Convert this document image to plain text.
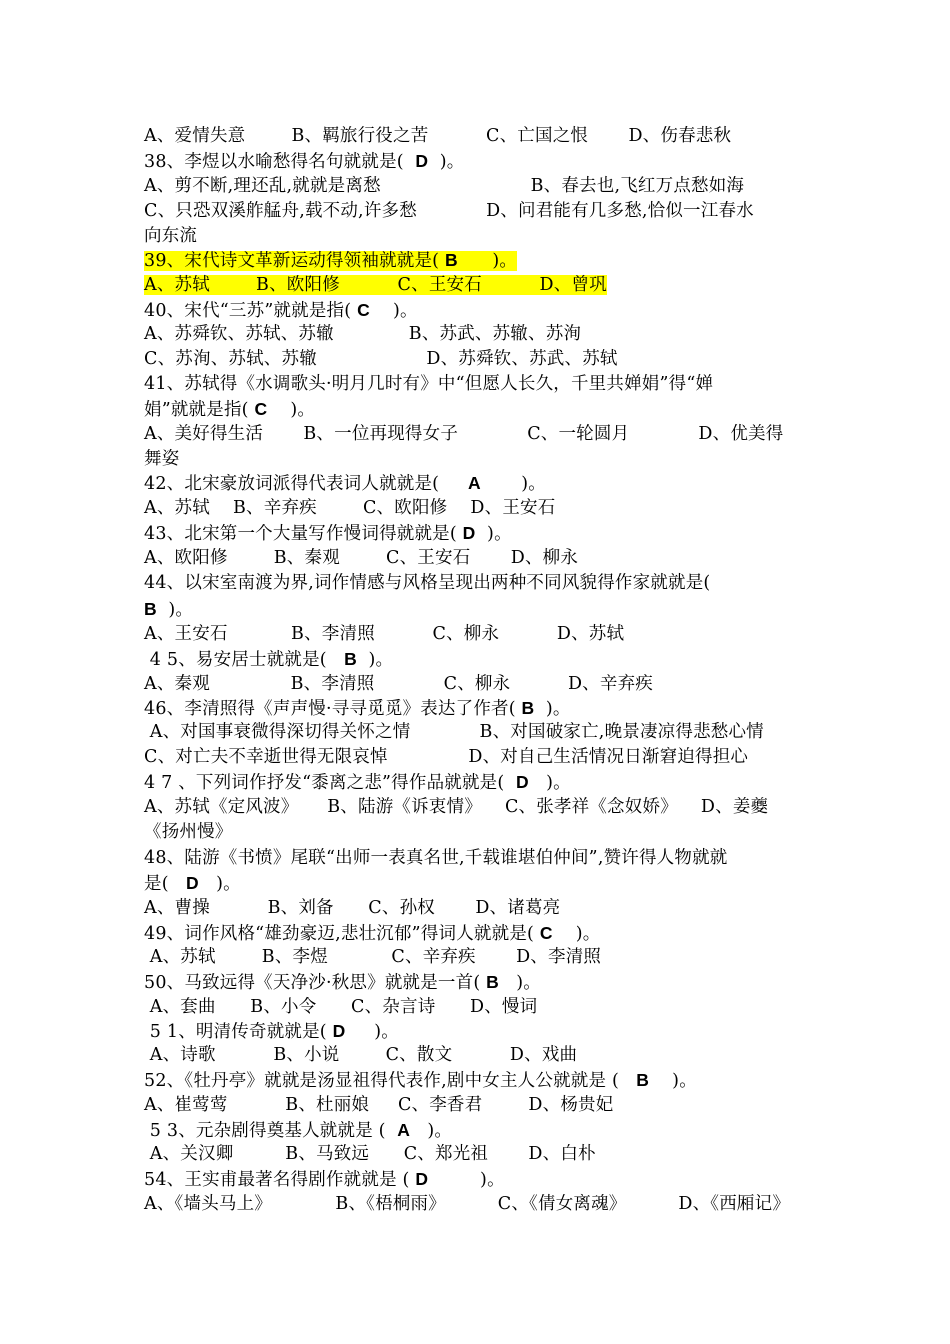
A、爱情失意        B、羁旅行役之苦          C、亡国之恨       D、伤春悲秋
38、李煜以水喻愁得名句就就是(  D  )。
A、剪不断,理还乱,就就是离愁                          B、春去也,飞红万点愁如海
C、只恐双溪舴艋舟,载不动,许多愁            D、问君能有几多愁,恰似一江春水
向东流
39、宋代诗文革新运动得领袖就就是( B      )。
A、苏轼        B、欧阳修          C、王安石          D、曾巩
40、宋代“三苏”就就是指( C    )。
A、苏舜钦、苏轼、苏辙             B、苏武、苏辙、苏洵
C、苏洵、苏轼、苏辙                   D、苏舜钦、苏武、苏轼
41、苏轼得《水调歌头·明月几时有》中“但愿人长久，千里共婵娟”得“婵
娟”就就是指( C    )。
A、美好得生活       B、一位再现得女子            C、一轮圆月            D、优美得
舞姿
42、北宋豪放词派得代表词人就就是(     A       )。
A、苏轼    B、辛弃疾        C、欧阳修    D、王安石
43、北宋第一个大量写作慢词得就就是( D  )。
A、欧阳修        B、秦观        C、王安石       D、柳永
44、以宋室南渡为界,词作情感与风格呈现出两种不同风貌得作家就就是(
B  )。
A、王安石           B、李清照          C、柳永          D、苏轼
4 5、易安居士就就是(   B  )。
A、秦观              B、李清照            C、柳永          D、辛弃疾
46、李清照得《声声慢·寻寻觅觅》表达了作者( B  )。
A、对国事衰微得深切得关怀之情            B、对国破家亡,晚景凄凉得悲愁心情
C、对亡夫不幸逝世得无限哀悼              D、对自己生活情况日渐窘迫得担心
4 7 、下列词作抒发“黍离之悲”得作品就就是(  D   )。
A、苏轼《定风波》     B、陆游《诉衷情》    C、张孝祥《念奴娇》    D、姜夔
《扬州慢》
48、陆游《书愤》尾联“出师一表真名世,千载谁堪伯仲间”,赞许得人物就就
是(   D   )。
A、曹操          B、刘备      C、孙权       D、诸葛亮
49、词作风格“雄劲豪迈,悲壮沉郁”得词人就就是( C    )。
A、苏轼        B、李煜           C、辛弃疾       D、李清照
50、马致远得《天净沙·秋思》就就是一首( B   )。
A、套曲      B、小令      C、杂言诗      D、慢词
5 1、明清传奇就就是( D     )。
A、诗歌          B、小说        C、散文          D、戏曲
52、《牡丹亭》就就是汤显祖得代表作,剧中女主人公就就是 (   B    )。
A、崔莺莺          B、杜丽娘     C、李香君        D、杨贵妃
5 3、元杂剧得奠基人就就是 (  A   )。
A、关汉卿         B、马致远      C、郑光祖       D、白朴
54、王实甫最著名得剧作就就是 ( D         )。
A、《墙头马上》           B、《梧桐雨》         C、《倩女离魂》         D、《西厢记》
